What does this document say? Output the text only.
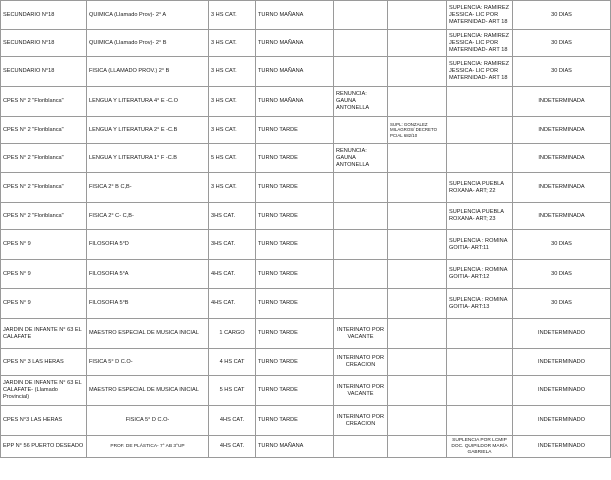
SECUNDARIO N°18	QUIMICA (Llamado Prov)- 2° A	3 HS CAT.	TURNO MAÑANA			SUPLENCIA: RAMIREZ JESSICA- LIC POR MATERNIDAD- ART 18	30 DIAS
SECUNDARIO N°18	QUIMICA (Llamado Prov)- 2° B	3 HS CAT.	TURNO MAÑANA			SUPLENCIA: RAMIREZ JESSICA- LIC POR MATERNIDAD- ART 18	30 DIAS
SECUNDARIO N°18	FISICA (LLAMADO PROV.) 2° B	3 HS CAT.	TURNO MAÑANA			SUPLENCIA: RAMIREZ JESSICA- LIC POR MATERNIDAD- ART 18	30 DIAS
CPES N° 2 "Floriblanca"	LENGUA Y LITERATURA 4° E -C.O	3 HS CAT.	TURNO MAÑANA	RENUNCIA: GAUNA ANTONELLA			INDETERMINADA
CPES N° 2 "Floriblanca"	LENGUA Y LITERATURA 2° E -C.B	3 HS CAT.	TURNO TARDE		SUPL: GONZALEZ MILAGROS/ DECRETO PCIAL 682/10		INDETERMINADA
CPES N° 2 "Floriblanca"	LENGUA Y LITERATURA 1° F -C.B	5 HS CAT.	TURNO TARDE	RENUNCIA: GAUNA ANTONELLA			INDETERMINADA
CPES N° 2 "Floriblanca"	FISICA 2° B C,B-	3 HS CAT.	TURNO TARDE			SUPLENCIA PUEBLA ROXANA- ART; 22	INDETERMINADA
CPES N° 2 "Floriblanca"	FISICA 2° C- C,B-	3HS CAT.	TURNO TARDE			SUPLENCIA PUEBLA ROXANA- ART; 23	INDETERMINADA
CPES N° 9	FILOSOFIA 5°D	3HS CAT.	TURNO TARDE			SUPLENCIA : ROMINA GOITIA- ART:11	30 DIAS
CPES N° 9	FILOSOFIA 5°A	4HS CAT.	TURNO TARDE			SUPLENCIA : ROMINA GOITIA- ART:12	30 DIAS
CPES N° 9	FILOSOFIA 5°B	4HS CAT.	TURNO TARDE			SUPLENCIA : ROMINA GOITIA- ART:13	30 DIAS
JARDIN DE INFANTE N° 63 EL CALAFATE	MAESTRO ESPECIAL DE MUSICA INICIAL	1 CARGO	TURNO TARDE	INTERINATO POR VACANTE			INDETERMINADO
CPES N° 3 LAS HERAS	FISICA 5° D C.O-	4 HS CAT	TURNO TARDE	INTERINATO POR CREACION			INDETERMINADO
JARDIN DE INFANTE N° 63 EL CALAFATE- (Llamado Provincial)	MAESTRO ESPECIAL DE MUSICA INICIAL	5 HS CAT	TURNO TARDE	INTERINATO POR VACANTE			INDETERMINADO
CPES N°3 LAS HERAS	FISICA 5° D C.O-	4HS CAT.	TURNO TARDE	INTERINATO POR CREACION			INDETERMINADO
EPP N° 56 PUERTO DESEADO	PROF. DE PLÁSTICA- 7° AB 3°UP	4HS CAT.	TURNO MAÑANA			SUPLENCIA POR LCMIP DOC. QUIPILDOR MARÍA GABRIELA	INDETERMINADO
